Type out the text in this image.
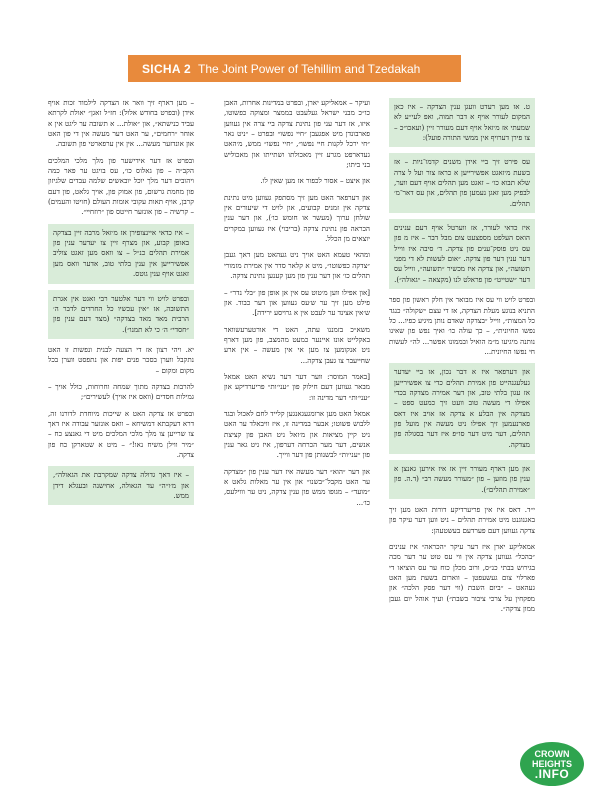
SICHA 2 The Joint Power of Tehillim and Tzedakah

ט. אז מען רעדט וועגן ענין הצדקה – איז כאן המקום לעורר אויף א דבר תמוה, ואפ לעי״ע לא שמעתי אז מ׳זאל אויף דעם מעורר זיין (ועאכו״כ – צו פירן דערויף אין ממשי התורה פועל):

עס פירט זיך ביי אידן משנים קדמו־ניות – אז בשעת מ׳זאגט אפשירייען א כראז צור ועל ל צרה שלא תבוא כו׳ – זאגט מען תהלים אויף דעם ווער, לבפיק מען זאגן נעמען פון תהלים, און עס דאר־מ׳ תהלים.

איז כדאי לעורר, אז ווערטל אויף דעם ענינים הואס העלפט מספצעט צום מבל דבר – איז מ פון עס ניט פוסק־ענים פון צדקה. ד׳ סיבה איז ווייל דער ענין דער פון צדקה. ״אום לעשות לא די מפני תשועה״, און צדקה איז מכשיר ״תשועה״, ווייל עס דער ״שטייט״ פון פראלט לנו (מקצאה – ״גאולה״).

ובפרט לויט ווי עס איז מבואר אין חלק ראשון פון ספר התניא בנוגע מעלת הצדקה, אז די עצם ״שקולה״ כנגד כל המצות״, ווייל ״בצדקה שאדם נותן מיגיע כפיו... כל נפשו החיונית״, – כך עולה כו׳ ואיך נפש פון שאינו נותנה מיגיעו מ״מ הואיל ובממונו אפשר... לה״ לעשות חי נפשו החיונית...

און דערפאר איז א דבר נכון, אז ביי יעדער געלעגנהייט פון אמירת תהלים כדי צו אפשירייען אז עגון בלתי טוב, און דער אמירה מצדקה בכדי אפילו די מעשה טוב וועט זיך כמעט ספט – מצדקה אין הבלע א צדקה אז אויב איז דאס פארנעמען זיך אפילו ניט מעשה אין מועל פון תהלים, דער מיט דער סו״פ איז דער בסגולה פון מצדקה.

און מען דארף מעורר זיין אז איז אירען גאנצן א ענין פון מוזען – פון ״מעורר מעשה רב״ (ד.ה. פון ״אמירת תהלים״).

י״ד. דאס איז אין פריערדיקע דורות האט מען זיך באגנוגנט מיט אמירת תהלים – ניט ווען דער עיקר פון צדקה געווען דעם פערדעם בעשטעהן:

אמאליקע יארן איז דער עיקר ״הכראה״ איז ענינים ״בהכל״ געווען צדקה אין ווי עס טוט ער דער מכה בגירוש בבתי כנ״ס, ורוב מכלן כוח ער עס הוציאו די פארלוי צום געשעפטן – ווארום בשעת מען האט געהאט – ״ביום השבת (ווי דער פסק הלכה״ און מפקחין על צרכי ציבור בשבת״) ועיך אוהל יום געבן ממון צדקה״.

ועיקר – אמאליקע יארן, ובפרט במדינות אחרות, האבן כו״כ מבני ישראל געלעבט בממצר ומצוקה כפשוטו, איזו, אז דער עני פון נתינת צדקה ביי צרה אין געווען פארבונדן מיט אפגעבן ״חיי נפשו״ ובפרט – ״ניט נאר ״חי ירכל לקנות חיי נפשו״, ״חיי נפשו״ ממש, מ׳האט געדארפט מגרע זיין מאכולתו ושתייתו און מאכוליש בני ביתו;

און איצט – אסור לכפור אז מען שאין לו.

און דערפאר האט מען זיך מסתפק געווען מיט נתינת צדקה אין זמנים קבועים, און לויט די שיעורים אין שולחן ערוך (מעשר או חומש כו׳), און דער ענין הכראה פון נתינת צדקה (בריבוי) איז געווען במקרים יוצאים מן הכלל.

ומהאי טעמא האט אויך ניט געהאט מען דאך געבן ״צדקה כפשוטו״, מיט א קלאר סדר אין אמירת מזמורי תהלים כו׳ און דער ענין פון מען קענען נתינת צדקה.

[און אפילו ווען מ׳טוט עס אין אן אופן פון ״בלי נדר״ – פילט מען זיך ער ש׳עס געווען און דער כבוד. און ש׳אין אצינד ער לעבט אין א גרויסע ירידה].

משא״כ בזמננו עתה, האט די אורטערעשוואר באקלייט אונז איינער כמעט מהמצב, פון מען דארף ניט אנקומען צו מען אי אין מעשה – אין ארע שחייעבר צו געבן צדקה...

[באמר המוסר: ווער דער דער נשיא האט אמאל מבאר געווען דעם חילוק פון ״עני׳ות״ פריערדיקע און ״עני׳ות״ דער מדינה זו:

אמאל האט מען ארומגעגאנגען קלייד לחם לאכול ובגד ללבוש פשוטו; אבער במדינה זו, איז וויבאלד ער האט ניט קיין מציאות און מ׳זאל ניט האבן פון קציצת אנשים, דער מער הכרחה דערפון, איז ניט גאר ענין פון ״עני׳ות״ לבשנותן פון דער ווייך.

און דער ״הוא״ דער מעשה איז דער ענין פון ״מצדקה ער האט מקבל־״בשנו״ און אין ער מאלות גלאט א ״מועד״ – מגופו ממש פון ענין צדקה, ניט ער וווילעס, כו׳...

– מען דארף זיך וואר אז הצדקה לילמוד זכות אויף אידן (ובפרט בחודש אלול): חז״ל זאגן״ יאולת לקרתא עביד כנישתא״, און ״אולת... א תשובה ער ליגט אין א אוחר ״רחמים״, ער האט דער מעשה אין די פון האט און אונדזער מעשה... אין אין ערפארטי פון תשובה.

ובפרט אז דער אידישער פון מלך מלכי המלכים הקב״ה – פון גאלוס כו׳, עס בויגט ער פאר כמה ויהובים דער מלך יוכל יובאשים שלמה עבדים שלגיזון פון מחמת גרשום, פון אמוק פון, אויך גלאט, פון דעם קרבן, אויף תאות עקובי אומות העולם (חויטו והעמים) – קרשיה – פון אונזער חייטס פון ״רוזחיי״.

– איז כדאי איינצופירן אז מ׳זאל מרבה זיין בצדקה באופן קבוע, און מצרף זיין צו יעדער ענין פון אמירת תהלים כנ״ל – צו וואס מען זאגט צוליב אפשירייען אין ענין בלתי טוב, אדער וואס מען זאגט אויף ענין גוטס.

ובפרט לויט ווי דער אלטער רבי זאגט אין אגרת התשובה, אז ״אין עכשיו כל החרדים לדבר ה׳ הרבית מאד מאד בצדקה״ (מצד דעם ענין פון ״חסדי״ ה׳ כי לא תמנו״).

יא. ויהי רצון אז די הצעה לבנית ונפשות זו האט נתקבל ווערן בסכר פנים יפות און נתפסט ווערן בכל מקום ומקום –

להרבות בצדקה מתוך שמחה וחרוחות, כולל אויך – גמילות חסדים (וואס איז אויך) לעשירים״;

ובפרט אז צדקה האט א שייכות מיוחדת לדורנו זה, דרא דעקבתא דמשיחא – וואס אונזער עבודה איז דאך צו שרייען צו מלך מלכי המלכים מיט די גאנצע כח – ״מיר ווילן משיח נאו!״ – מיט א שטארקן כח פון צדקה.

– איז דאך גדולה צדקה שמקרבת את הגאולה״, און מ׳ו״ה״ עד הגאולה, אחישנה ובעגלא דידן ממש.

CROWN
HEIGHTS
.INFO
